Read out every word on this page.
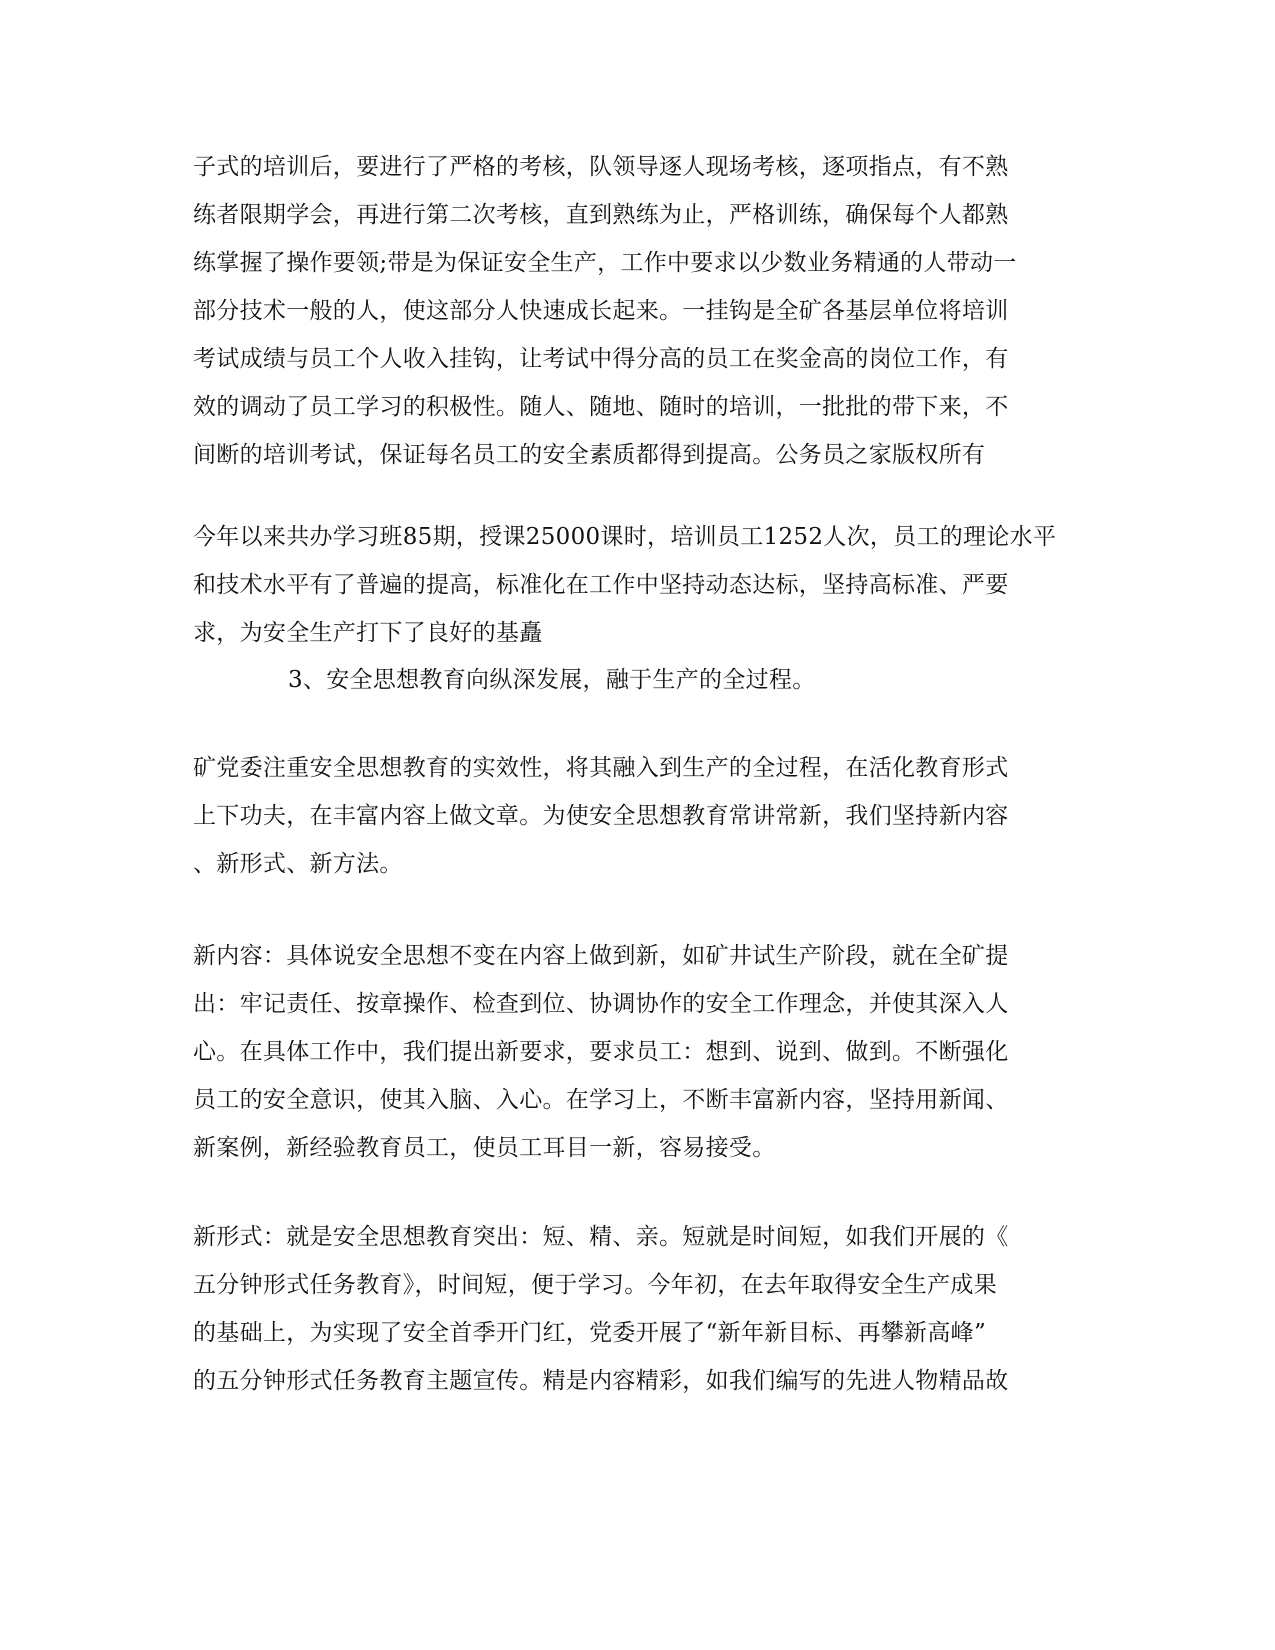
子式的培训后，要进行了严格的考核，队领导逐人现场考核，逐项指点，有不熟
练者限期学会，再进行第二次考核，直到熟练为止，严格训练，确保每个人都熟
练掌握了操作要领;带是为保证安全生产，工作中要求以少数业务精通的人带动一
部分技术一般的人，使这部分人快速成长起来。一挂钩是全矿各基层单位将培训
考试成绩与员工个人收入挂钩，让考试中得分高的员工在奖金高的岗位工作，有
效的调动了员工学习的积极性。随人、随地、随时的培训，一批批的带下来，不
间断的培训考试，保证每名员工的安全素质都得到提高。公务员之家版权所有
今年以来共办学习班85期，授课25000课时，培训员工1252人次，员工的理论水平
和技术水平有了普遍的提高，标准化在工作中坚持动态达标，坚持高标准、严要
求，为安全生产打下了良好的基矗
3、安全思想教育向纵深发展，融于生产的全过程。
矿党委注重安全思想教育的实效性，将其融入到生产的全过程，在活化教育形式
上下功夫，在丰富内容上做文章。为使安全思想教育常讲常新，我们坚持新内容
、新形式、新方法。
新内容：具体说安全思想不变在内容上做到新，如矿井试生产阶段，就在全矿提
出：牢记责任、按章操作、检查到位、协调协作的安全工作理念，并使其深入人
心。在具体工作中，我们提出新要求，要求员工：想到、说到、做到。不断强化
员工的安全意识，使其入脑、入心。在学习上，不断丰富新内容，坚持用新闻、
新案例，新经验教育员工，使员工耳目一新，容易接受。
新形式：就是安全思想教育突出：短、精、亲。短就是时间短，如我们开展的《
五分钟形式任务教育》，时间短，便于学习。今年初，在去年取得安全生产成果
的基础上，为实现了安全首季开门红，党委开展了“新年新目标、再攀新高峰”
的五分钟形式任务教育主题宣传。精是内容精彩，如我们编写的先进人物精品故
